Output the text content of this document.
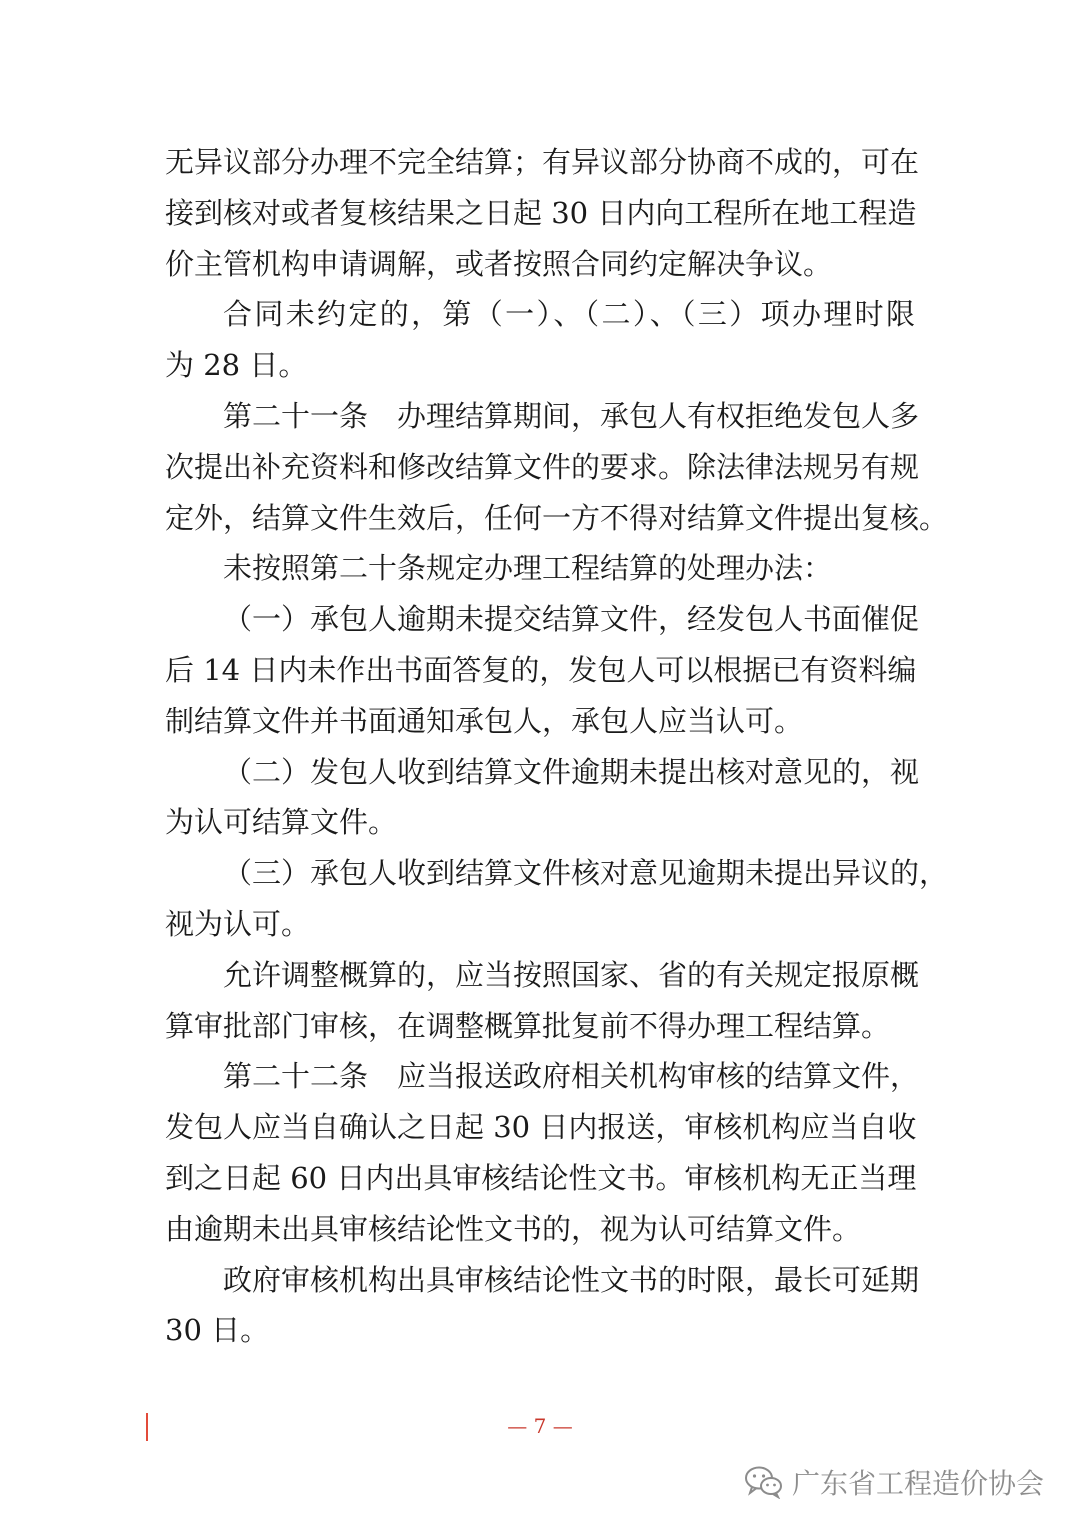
无异议部分办理不完全结算；有异议部分协商不成的，可在
接到核对或者复核结果之日起 30 日内向工程所在地工程造
价主管机构申请调解，或者按照合同约定解决争议。
合同未约定的，第（一）、（二）、（三）项办理时限
为 28 日。
第二十一条　办理结算期间，承包人有权拒绝发包人多
次提出补充资料和修改结算文件的要求。除法律法规另有规
定外，结算文件生效后，任何一方不得对结算文件提出复核。
未按照第二十条规定办理工程结算的处理办法：
（一）承包人逾期未提交结算文件，经发包人书面催促
后 14 日内未作出书面答复的，发包人可以根据已有资料编
制结算文件并书面通知承包人，承包人应当认可。
（二）发包人收到结算文件逾期未提出核对意见的，视
为认可结算文件。
（三）承包人收到结算文件核对意见逾期未提出异议的，
视为认可。
允许调整概算的，应当按照国家、省的有关规定报原概
算审批部门审核，在调整概算批复前不得办理工程结算。
第二十二条　应当报送政府相关机构审核的结算文件，
发包人应当自确认之日起 30 日内报送，审核机构应当自收
到之日起 60 日内出具审核结论性文书。审核机构无正当理
由逾期未出具审核结论性文书的，视为认可结算文件。
政府审核机构出具审核结论性文书的时限，最长可延期
30 日。
— 7 —
广东省工程造价协会
